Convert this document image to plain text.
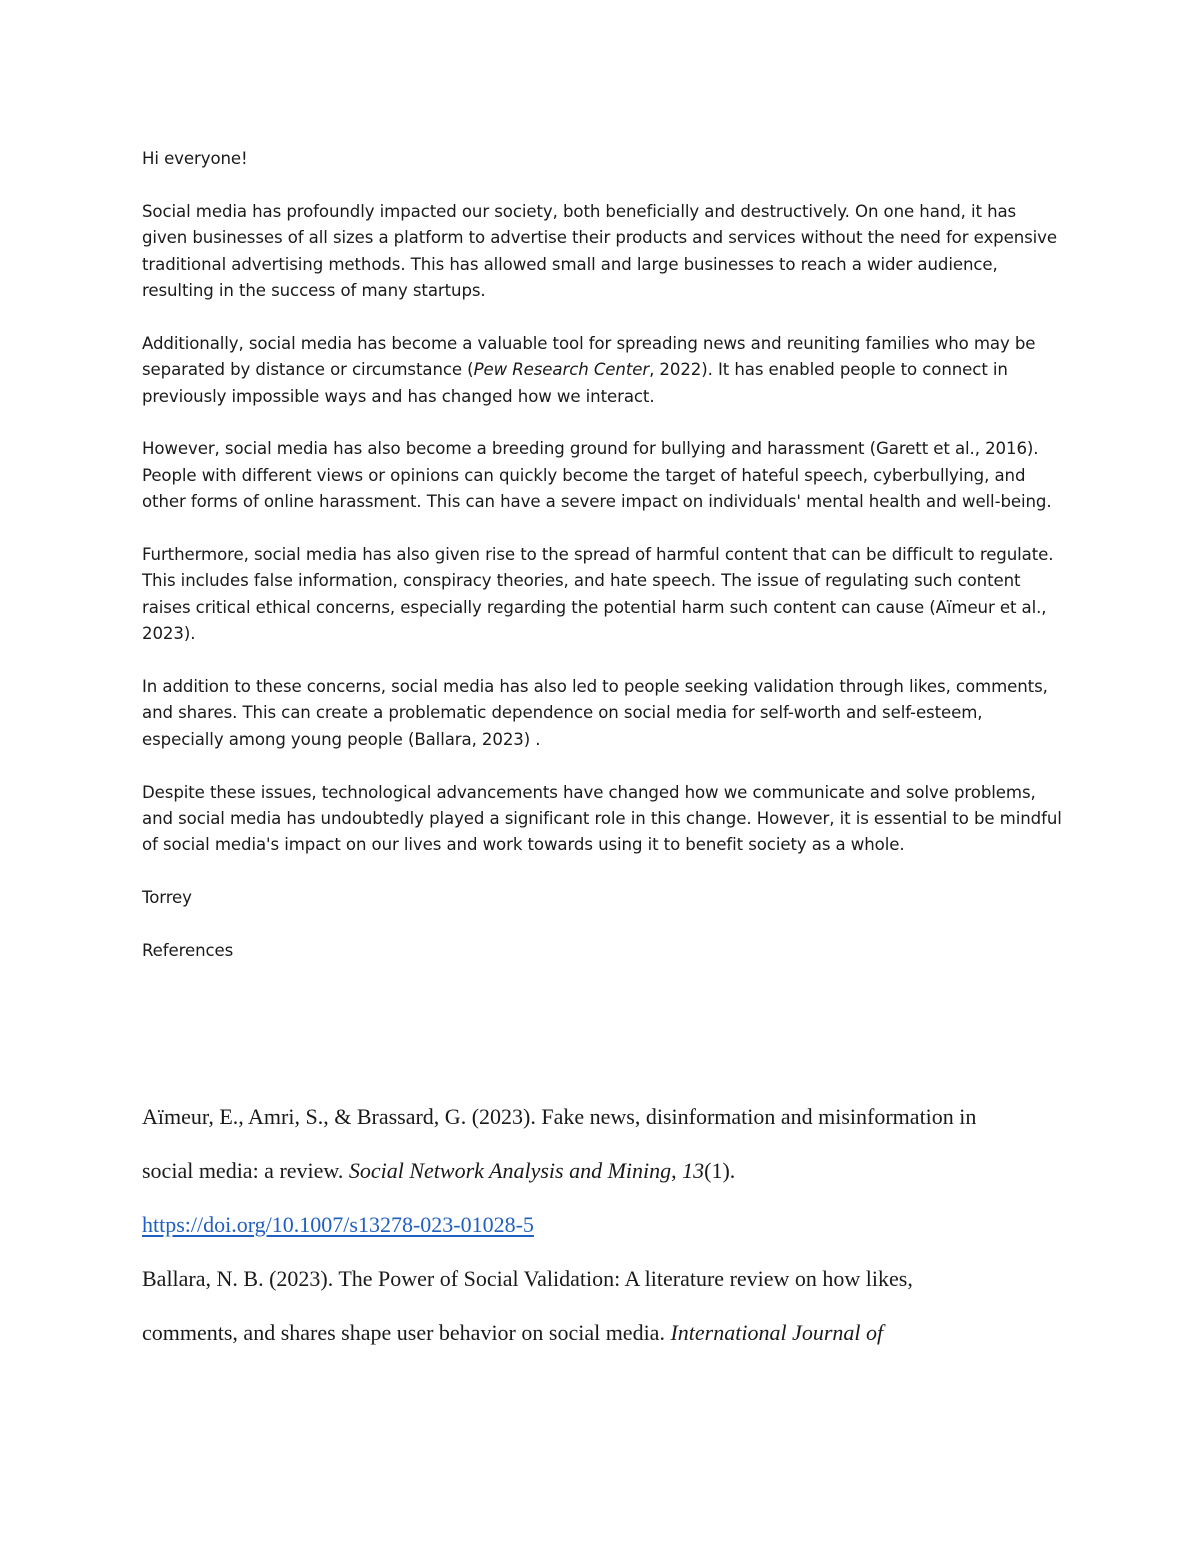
Hi everyone!

Social media has profoundly impacted our society, both beneficially and destructively. On one hand, it has given businesses of all sizes a platform to advertise their products and services without the need for expensive traditional advertising methods. This has allowed small and large businesses to reach a wider audience, resulting in the success of many startups.

Additionally, social media has become a valuable tool for spreading news and reuniting families who may be separated by distance or circumstance (Pew Research Center, 2022). It has enabled people to connect in previously impossible ways and has changed how we interact.

However, social media has also become a breeding ground for bullying and harassment (Garett et al., 2016). People with different views or opinions can quickly become the target of hateful speech, cyberbullying, and other forms of online harassment. This can have a severe impact on individuals' mental health and well-being.

Furthermore, social media has also given rise to the spread of harmful content that can be difficult to regulate. This includes false information, conspiracy theories, and hate speech. The issue of regulating such content raises critical ethical concerns, especially regarding the potential harm such content can cause (Aïmeur et al., 2023).

In addition to these concerns, social media has also led to people seeking validation through likes, comments, and shares. This can create a problematic dependence on social media for self-worth and self-esteem, especially among young people (Ballara, 2023) .

Despite these issues, technological advancements have changed how we communicate and solve problems, and social media has undoubtedly played a significant role in this change. However, it is essential to be mindful of social media's impact on our lives and work towards using it to benefit society as a whole.

Torrey

References

Aïmeur, E., Amri, S., & Brassard, G. (2023). Fake news, disinformation and misinformation in
social media: a review. Social Network Analysis and Mining, 13(1).
https://doi.org/10.1007/s13278-023-01028-5
Ballara, N. B. (2023). The Power of Social Validation: A literature review on how likes,
comments, and shares shape user behavior on social media. International Journal of
